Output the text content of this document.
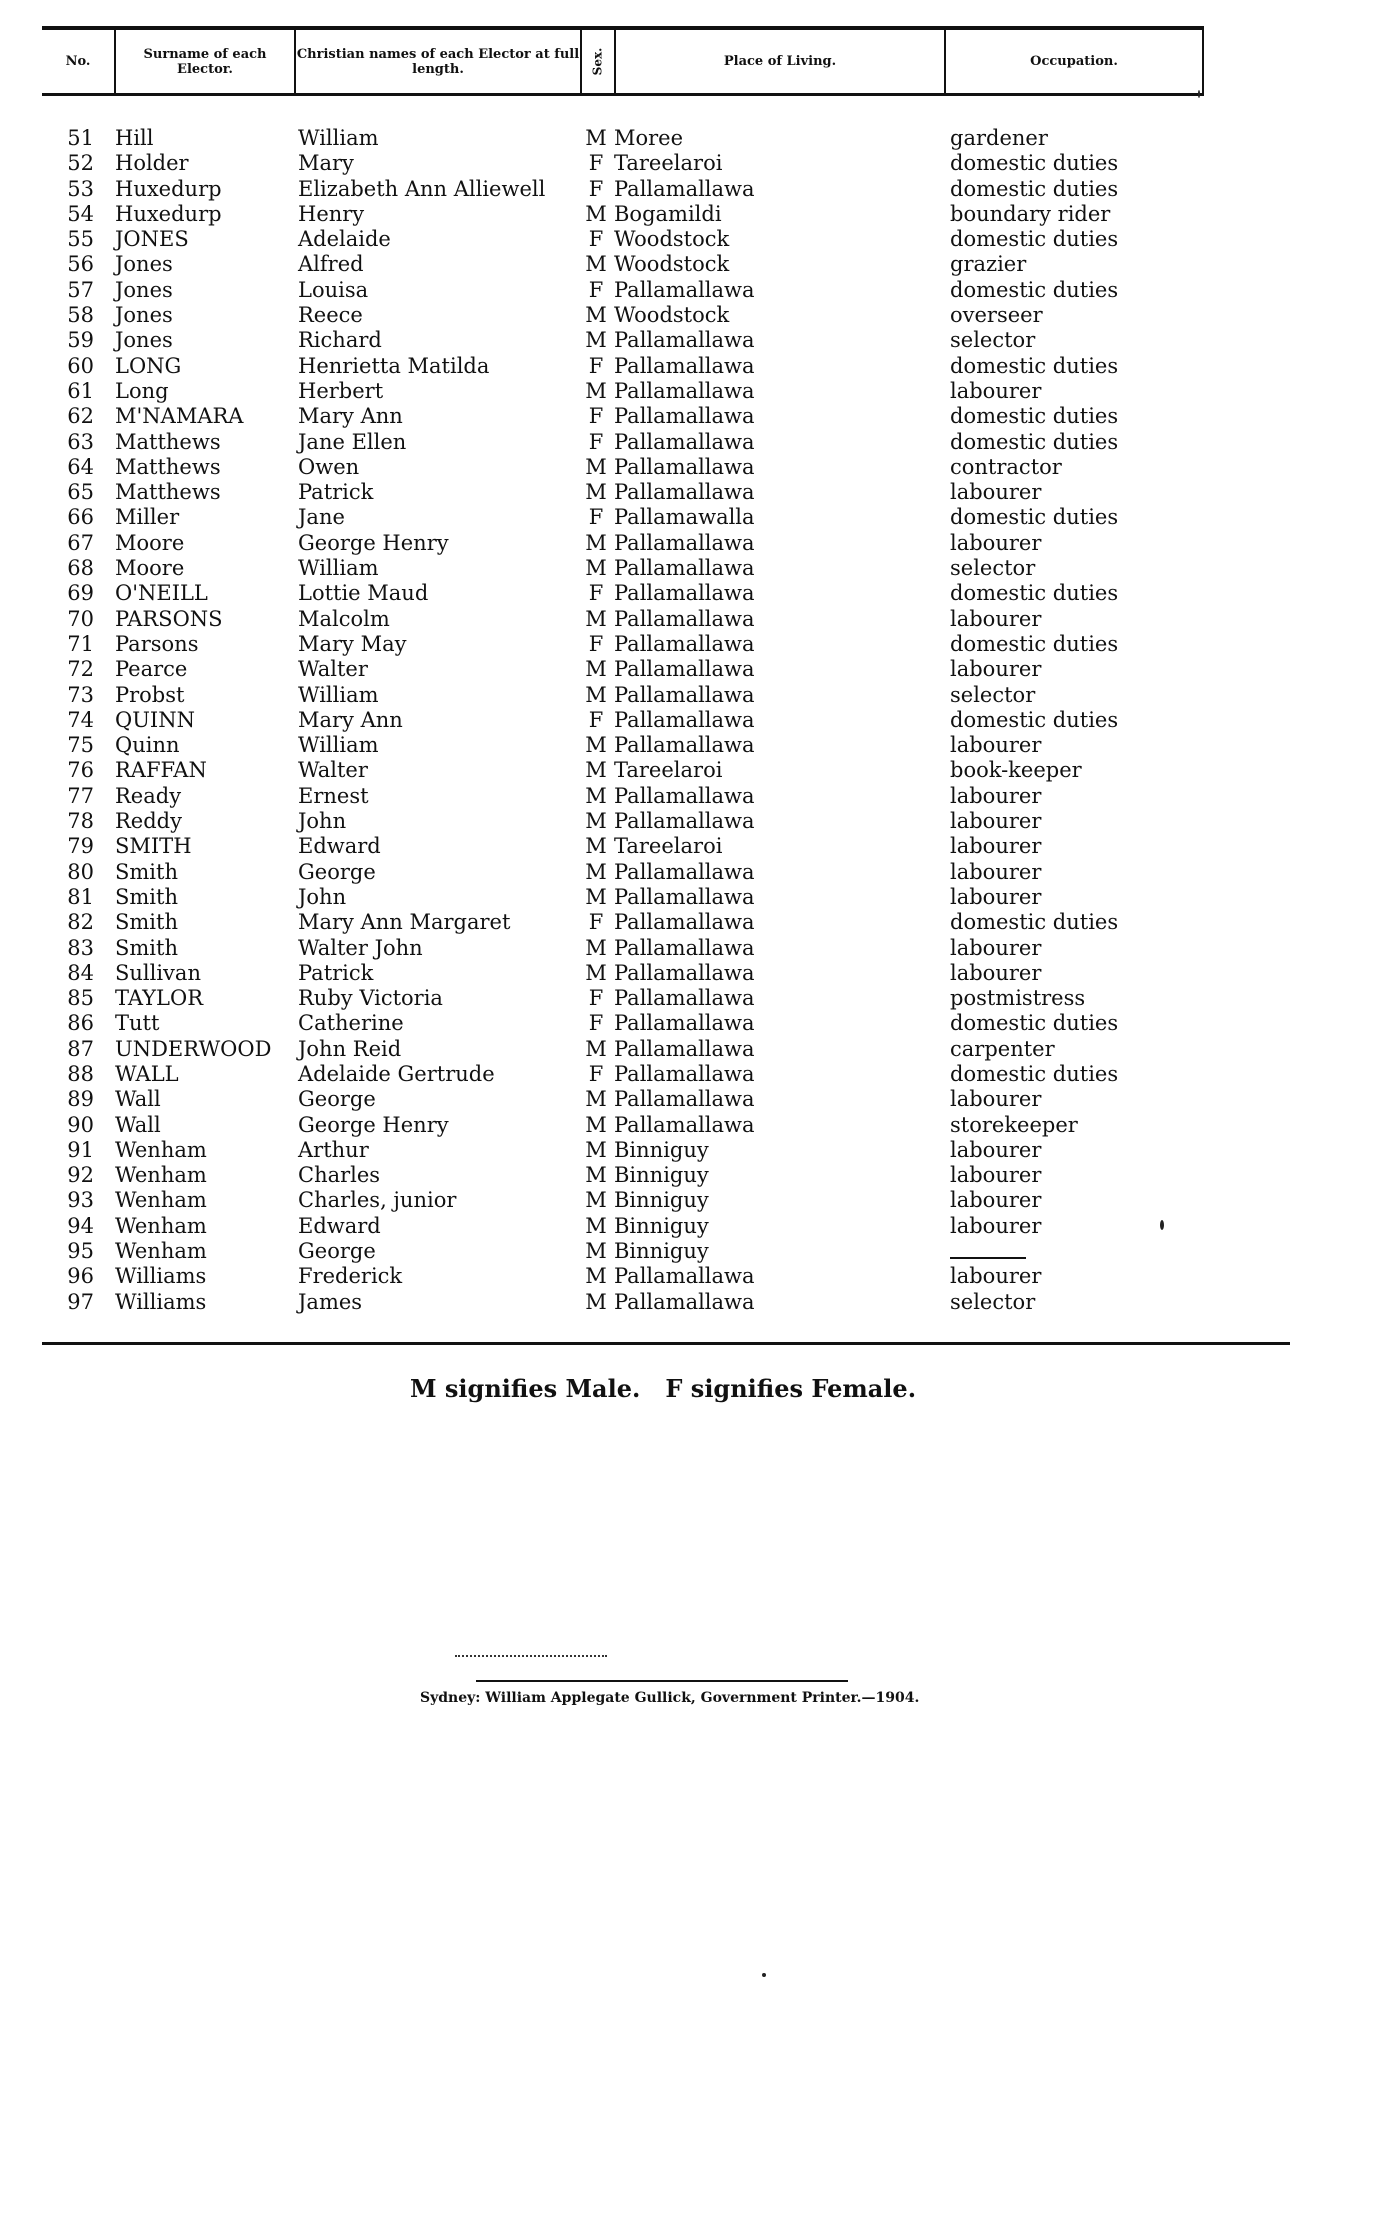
No.	Surname of each Elector.
Christian names of each Elector at full length.	Sex.	Place of Living.	Occupation.
51 Hill	William	M Moree	gardener
52 Holder	Mary	F Tareelaroi	domestic duties
53 Huxedurp	Elizabeth Ann Alliewell F Pallamallawa	domestic duties
54 Huxedurp	Henry	M Bogamildi	boundary rider
55 JONES	Adelaide	F Woodstock	domestic duties
56 Jones	Alfred	M Woodstock	grazier
57 Jones	Louisa	F Pallamallawa	domestic duties
58 Jones	Reece	M Woodstock	overseer
59 Jones	Richard	M Pallamallawa	selector
60 LONG	Henrietta Matilda	F Pallamallawa	domestic duties
61 Long	Herbert	M Pallamallawa	labourer
62 M'NAMARA	Mary Ann	F Pallamallawa	domestic duties
63 Matthews	Jane Ellen	F Pallamallawa	domestic duties
64 Matthews	Owen	M Pallamallawa	contractor
65 Matthews	Patrick	M Pallamallawa	labourer
66 Miller	Jane	F Pallamawalla	domestic duties
67 Moore	George Henry	M Pallamallawa	labourer
68 Moore	William	M Pallamallawa	selector
69 O'NEILL	Lottie Maud	F Pallamallawa	domestic duties
70 PARSONS	Malcolm	M Pallamallawa	labourer
71 Parsons	Mary May	F Pallamallawa	domestic duties
72 Pearce	Walter	M Pallamallawa	labourer
73 Probst	William	M Pallamallawa	selector
74 QUINN	Mary Ann	F Pallamallawa	domestic duties
75 Quinn	William	M Pallamallawa	labourer
76 RAFFAN	Walter	M Tareelaroi	book-keeper
77 Ready	Ernest	M Pallamallawa	labourer
78 Reddy	John	M Pallamallawa	labourer
79 SMITH	Edward	M Tareelaroi	labourer
80 Smith	George	M Pallamallawa	labourer
81 Smith	John	M Pallamallawa	labourer
82 Smith	Mary Ann Margaret	F Pallamallawa	domestic duties
83 Smith	Walter John	M Pallamallawa	labourer
84 Sullivan	Patrick	M Pallamallawa	labourer
85 TAYLOR	Ruby Victoria	F Pallamallawa	postmistress
86 Tutt	Catherine	F Pallamallawa	domestic duties
87 UNDERWOOD John Reid	M Pallamallawa	carpenter
88 WALL	Adelaide Gertrude	F Pallamallawa	domestic duties
89 Wall	George	M Pallamallawa	labourer
90 Wall	George Henry	M Pallamallawa	storekeeper
91 Wenham	Arthur	M Binniguy	labourer
92 Wenham	Charles	M Binniguy	labourer
93 Wenham	Charles, junior	M Binniguy	labourer
94 Wenham	Edward	M Binniguy	labourer
95 Wenham	George	M Binniguy
96 Williams	Frederick	M Pallamallawa	labourer
97 Williams	James	M Pallamallawa	selector
M signifies Male.   F signifies Female.
Sydney: William Applegate Gullick, Government Printer.—1904.
